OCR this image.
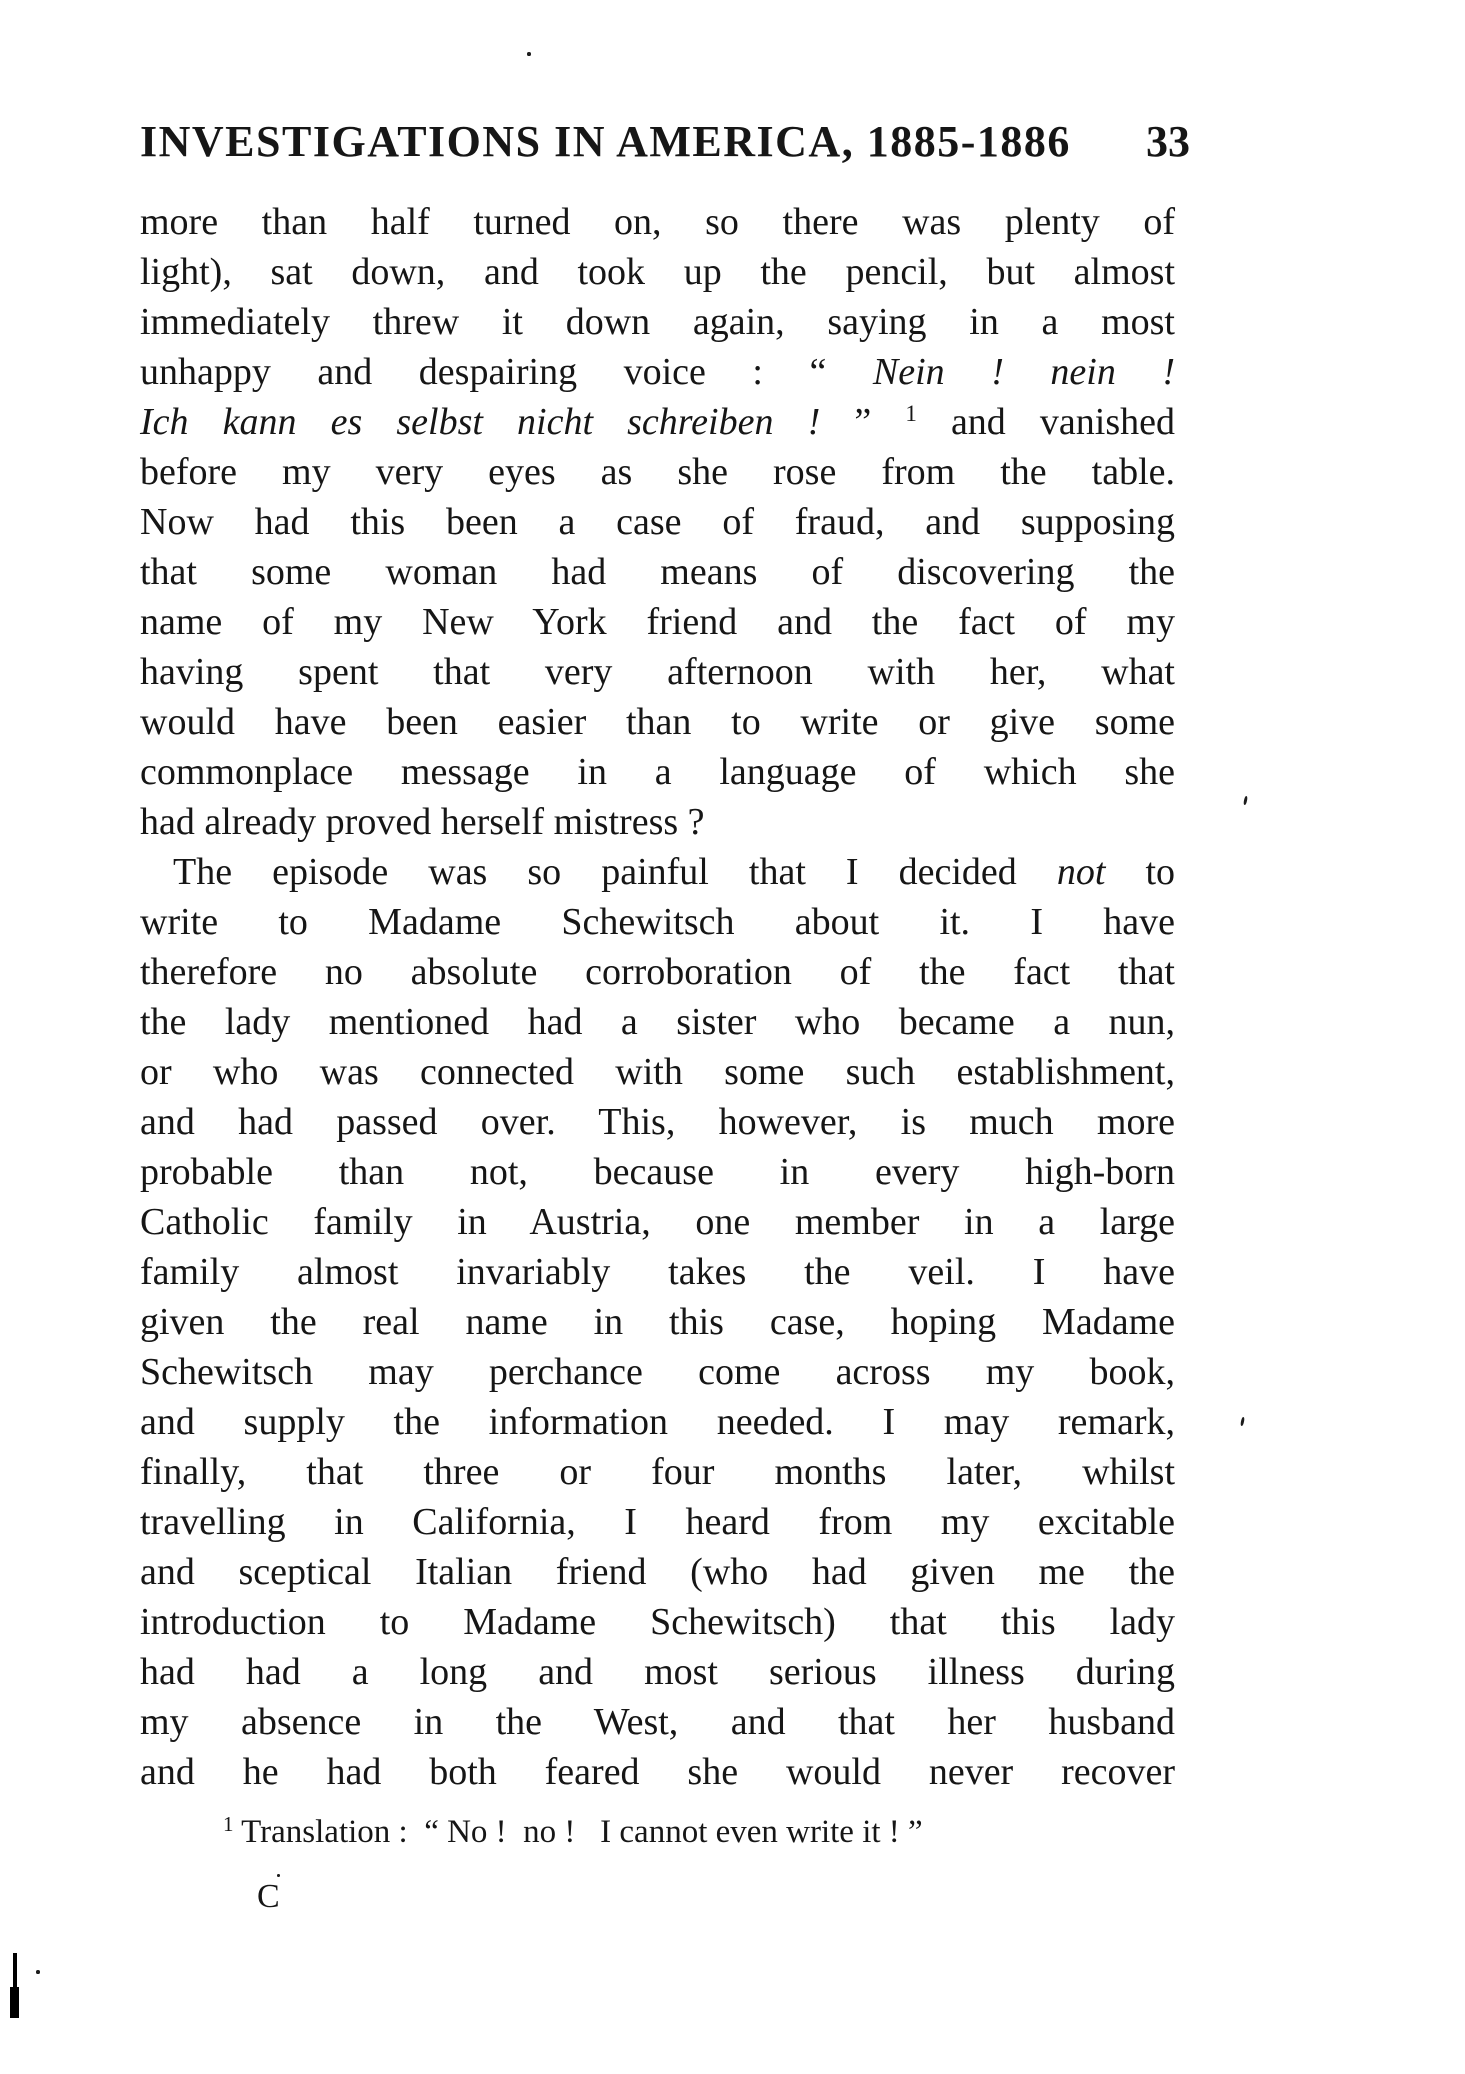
INVESTIGATIONS IN AMERICA, 1885-1886 33
more than half turned on, so there was plenty of
light), sat down, and took up the pencil, but almost
immediately threw it down again, saying in a most
unhappy and despairing voice : “ Nein ! nein !
Ich kann es selbst nicht schreiben ! ” $^1$ and vanished
before my very eyes as she rose from the table.
Now had this been a case of fraud, and supposing
that some woman had means of discovering the
name of my New York friend and the fact of my
having spent that very afternoon with her, what
would have been easier than to write or give some
commonplace message in a language of which she
had already proved herself mistress ?
The episode was so painful that I decided not to
write to Madame Schewitsch about it. I have
therefore no absolute corroboration of the fact that
the lady mentioned had a sister who became a nun,
or who was connected with some such establishment,
and had passed over. This, however, is much more
probable than not, because in every high-born
Catholic family in Austria, one member in a large
family almost invariably takes the veil. I have
given the real name in this case, hoping Madame
Schewitsch may perchance come across my book,
and supply the information needed. I may remark,
finally, that three or four months later, whilst
travelling in California, I heard from my excitable
and sceptical Italian friend (who had given me the
introduction to Madame Schewitsch) that this lady
had had a long and most serious illness during
my absence in the West, and that her husband
and he had both feared she would never recover
$^1$ Translation :  “ No !  no !   I cannot even write it ! ”
C
